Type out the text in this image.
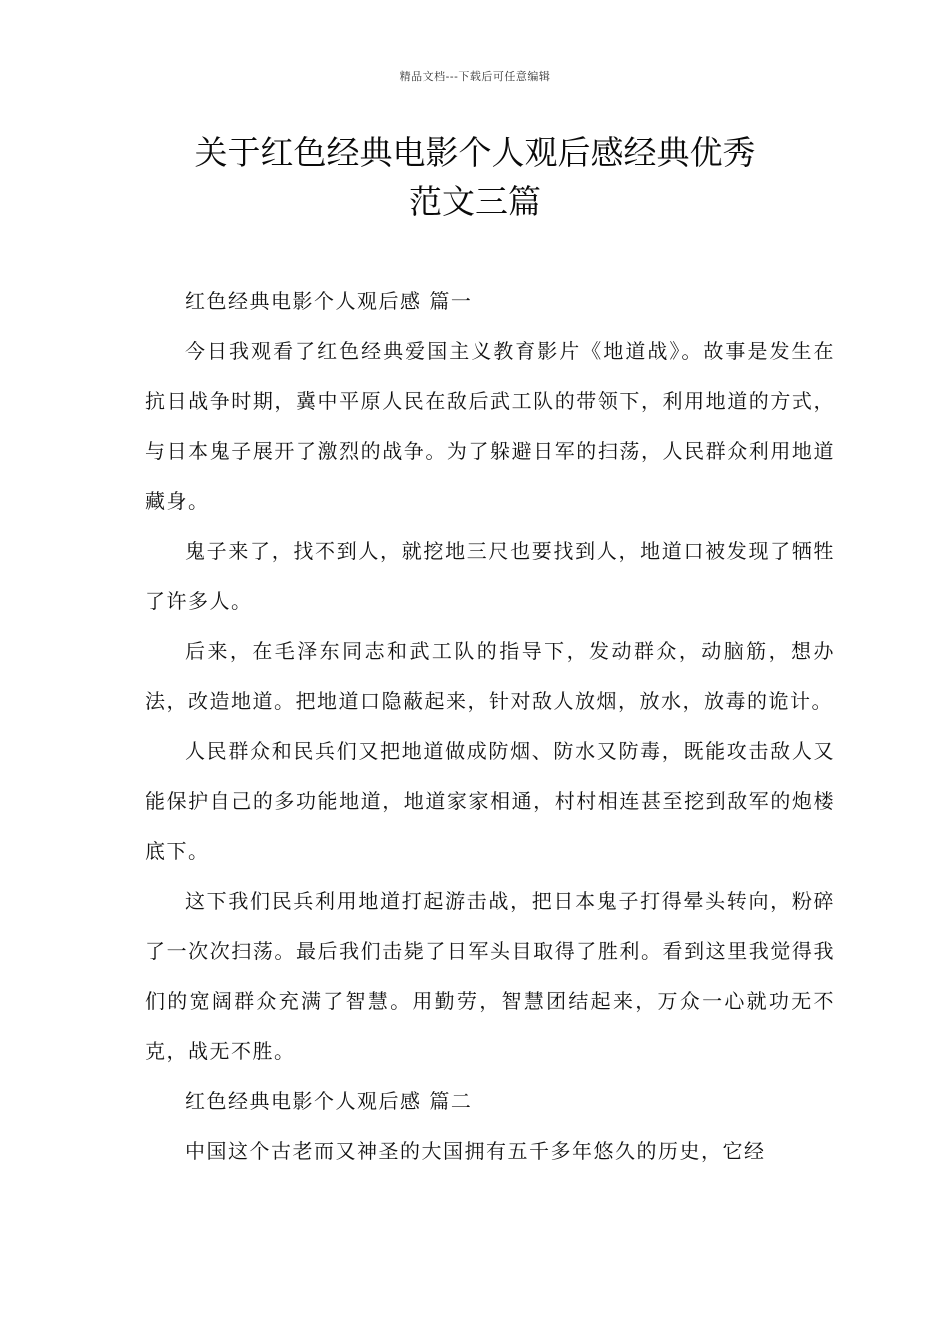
精品文档---下载后可任意编辑
关于红色经典电影个人观后感经典优秀
范文三篇

红色经典电影个人观后感 篇一

今日我观看了红色经典爱国主义教育影片《地道战》。故事是发生在抗日战争时期，冀中平原人民在敌后武工队的带领下，利用地道的方式，与日本鬼子展开了激烈的战争。为了躲避日军的扫荡，人民群众利用地道藏身。

鬼子来了，找不到人，就挖地三尺也要找到人，地道口被发现了牺牲了许多人。

后来，在毛泽东同志和武工队的指导下，发动群众，动脑筋，想办法，改造地道。把地道口隐蔽起来，针对敌人放烟，放水，放毒的诡计。

人民群众和民兵们又把地道做成防烟、防水又防毒，既能攻击敌人又能保护自己的多功能地道，地道家家相通，村村相连甚至挖到敌军的炮楼底下。

这下我们民兵利用地道打起游击战，把日本鬼子打得晕头转向，粉碎了一次次扫荡。最后我们击毙了日军头目取得了胜利。看到这里我觉得我们的宽阔群众充满了智慧。用勤劳，智慧团结起来，万众一心就功无不克，战无不胜。

红色经典电影个人观后感 篇二

中国这个古老而又神圣的大国拥有五千多年悠久的历史，它经
